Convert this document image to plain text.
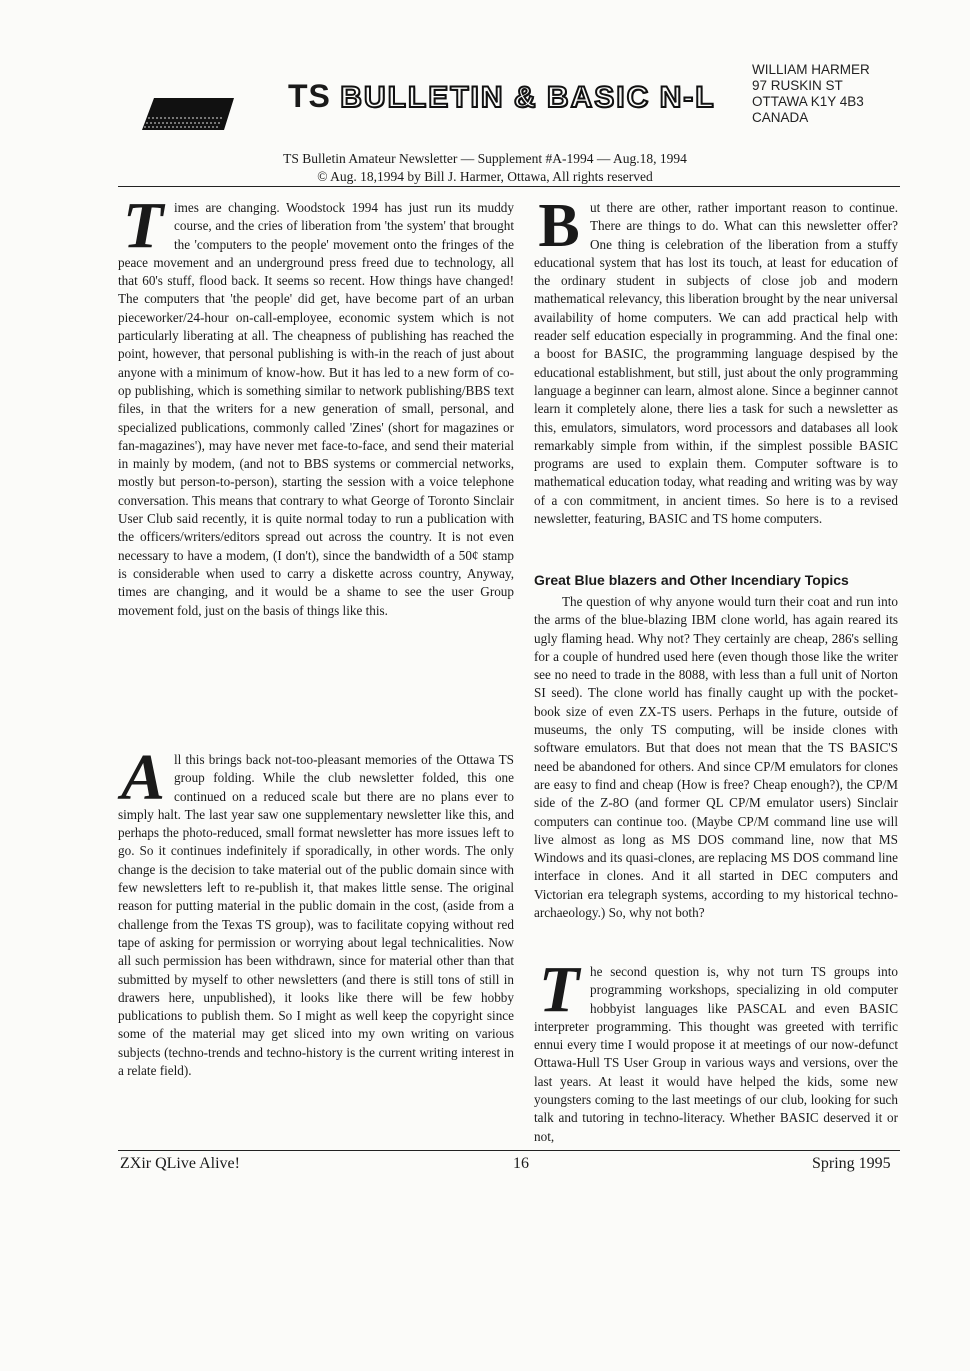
TS BULLETIN & BASIC N-L
WILLIAM HARMER
97 RUSKIN ST
OTTAWA K1Y 4B3
CANADA
TS Bulletin Amateur Newsletter — Supplement #A-1994 — Aug.18, 1994
© Aug. 18,1994 by Bill J. Harmer, Ottawa, All rights reserved

T imes are changing. Woodstock 1994 has just run its muddy course, and the cries of liberation from 'the system' that brought the 'computers to the people' movement onto the fringes of the peace movement and an underground press freed due to technology, all that 60's stuff, flood back. It seems so recent. How things have changed! The computers that 'the people' did get, have become part of an urban pieceworker/24-hour on-call-employee, economic system which is not particularly liberating at all. The cheapness of publishing has reached the point, however, that personal publishing is with-in the reach of just about anyone with a minimum of know-how. But it has led to a new form of co-op publishing, which is something similar to network publishing/BBS text files, in that the writers for a new generation of small, personal, and specialized publications, commonly called 'Zines' (short for magazines or fan-magazines'), may have never met face-to-face, and send their material in mainly by modem, (and not to BBS systems or commercial networks, mostly but person-to-person), starting the session with a voice telephone conversation. This means that contrary to what George of Toronto Sinclair User Club said recently, it is quite normal today to run a publication with the officers/writers/editors spread out across the country. It is not even necessary to have a modem, (I don't), since the bandwidth of a 50¢ stamp is considerable when used to carry a diskette across country, Anyway, times are changing, and it would be a shame to see the user Group movement fold, just on the basis of things like this.

A ll this brings back not-too-pleasant memories of the Ottawa TS group folding. While the club newsletter folded, this one continued on a reduced scale but there are no plans ever to simply halt. The last year saw one supplementary newsletter like this, and perhaps the photo-reduced, small format newsletter has more issues left to go. So it continues indefinitely if sporadically, in other words. The only change is the decision to take material out of the public domain since with few newsletters left to re-publish it, that makes little sense. The original reason for putting material in the public domain in the cost, (aside from a challenge from the Texas TS group), was to facilitate copying without red tape of asking for permission or worrying about legal technicalities. Now all such permission has been withdrawn, since for material other than that submitted by myself to other newsletters (and there is still tons of still in drawers here, unpublished), it looks like there will be few hobby publications to publish them. So I might as well keep the copyright since some of the material may get sliced into my own writing on various subjects (techno-trends and techno-history is the current writing interest in a relate field).

B ut there are other, rather important reason to continue. There are things to do. What can this newsletter offer? One thing is celebration of the liberation from a stuffy educational system that has lost its touch, at least for education of the ordinary student in subjects of close job and modern mathematical relevancy, this liberation brought by the near universal availability of home computers. We can add practical help with reader self education especially in programming. And the final one: a boost for BASIC, the programming language despised by the educational establishment, but still, just about the only programming language a beginner can learn, almost alone. Since a beginner cannot learn it completely alone, there lies a task for such a newsletter as this, emulators, simulators, word processors and databases all look remarkably simple from within, if the simplest possible BASIC programs are used to explain them. Computer software is to mathematical education today, what reading and writing was by way of a con commitment, in ancient times. So here is to a revised newsletter, featuring, BASIC and TS home computers.

Great Blue blazers and Other Incendiary Topics

The question of why anyone would turn their coat and run into the arms of the blue-blazing IBM clone world, has again reared its ugly flaming head. Why not? They certainly are cheap, 286's selling for a couple of hundred used here (even though those like the writer see no need to trade in the 8088, with less than a full unit of Norton SI seed). The clone world has finally caught up with the pocket-book size of even ZX-TS users. Perhaps in the future, outside of museums, the only TS computing, will be inside clones with software emulators. But that does not mean that the TS BASIC'S need be abandoned for others. And since CP/M emulators for clones are easy to find and cheap (How is free? Cheap enough?), the CP/M side of the Z-8O (and former QL CP/M emulator users) Sinclair computers can continue too. (Maybe CP/M command line use will live almost as long as MS DOS command line, now that MS Windows and its quasi-clones, are replacing MS DOS command line interface in clones. And it all started in DEC computers and Victorian era telegraph systems, according to my historical techno-archaeology.) So, why not both?

T he second question is, why not turn TS groups into programming workshops, specializing in old computer hobbyist languages like PASCAL and even BASIC interpreter programming. This thought was greeted with terrific ennui every time I would propose it at meetings of our now-defunct Ottawa-Hull TS User Group in various ways and versions, over the last years. At least it would have helped the kids, some new youngsters coming to the last meetings of our club, looking for such talk and tutoring in techno-literacy. Whether BASIC deserved it or not,

ZXir QLive Alive!	16	Spring 1995
